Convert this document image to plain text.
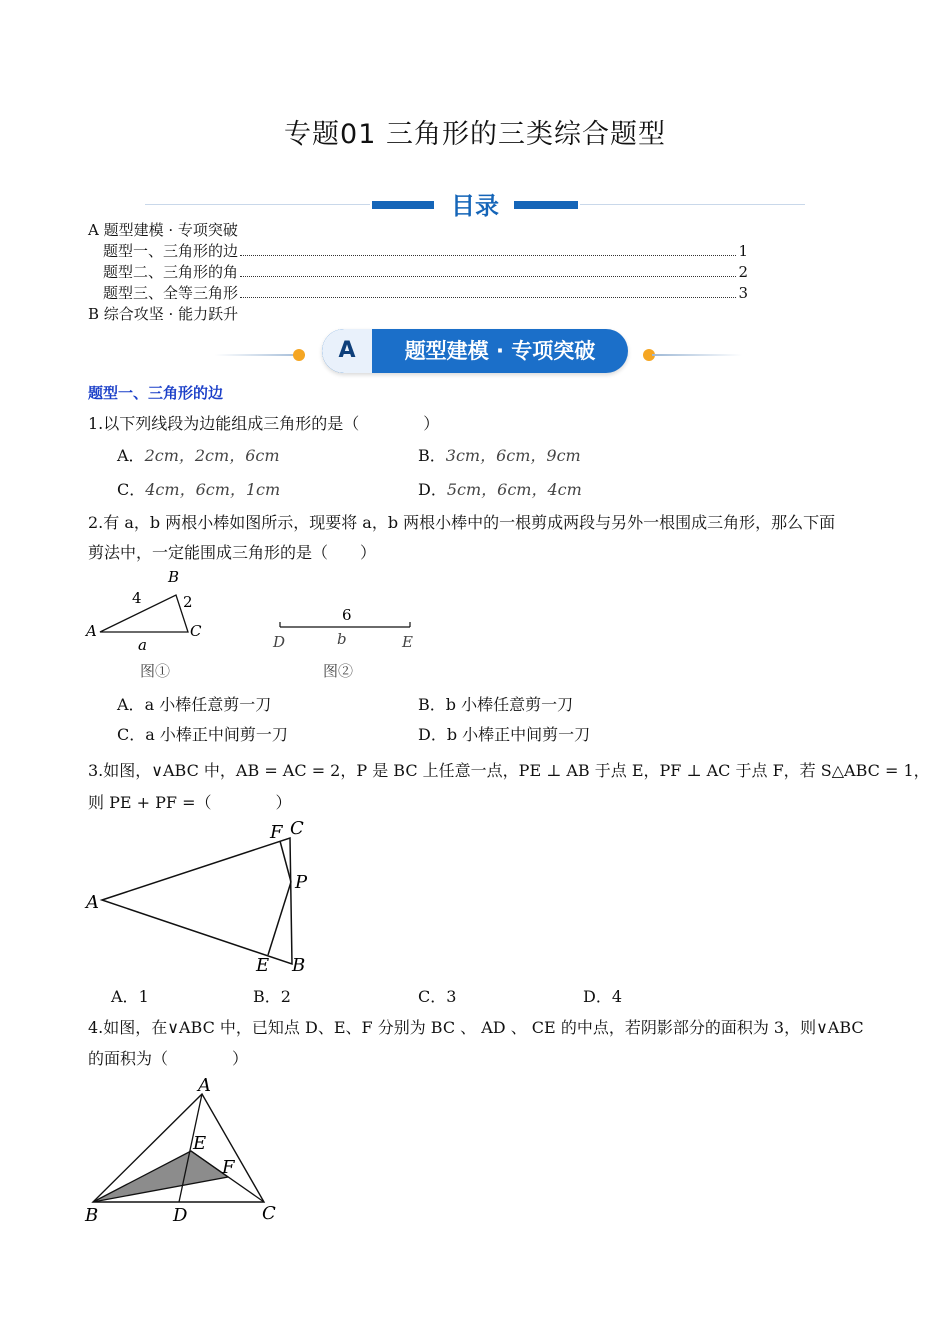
专题01 三角形的三类综合题型
目录
A 题型建模 · 专项突破
题型一、三角形的边	1
题型二、三角形的角	2
题型三、全等三角形	3
B 综合攻坚 · 能力跃升
A	题型建模 · 专项突破
题型一、三角形的边
1.以下列线段为边能组成三角形的是（　　　　）
A．2cm，2cm，6cm	B．3cm，6cm，9cm
C．4cm，6cm，1cm	D．5cm，6cm，4cm
2.有 a，b 两根小棒如图所示，现要将 a，b 两根小棒中的一根剪成两段与另外一根围成三角形，那么下面
剪法中，一定能围成三角形的是（　　）
A
B
C
4	2
a
图①
6
D	b	E
图②
A．a 小棒任意剪一刀	B．b 小棒任意剪一刀
C．a 小棒正中间剪一刀	D．b 小棒正中间剪一刀
3.如图，∨ABC 中，AB = AC = 2，P 是 BC 上任意一点，PE ⊥ AB 于点 E，PF ⊥ AC 于点 F，若 S△ABC = 1，
则 PE + PF =（　　　　）
A
F C
P
E B
A．1	B．2	C．3	D．4
4.如图，在∨ABC 中，已知点 D、E、F 分别为 BC 、 AD 、 CE 的中点，若阴影部分的面积为 3，则∨ABC
的面积为（　　　　）
A
E
F
B	D	C
